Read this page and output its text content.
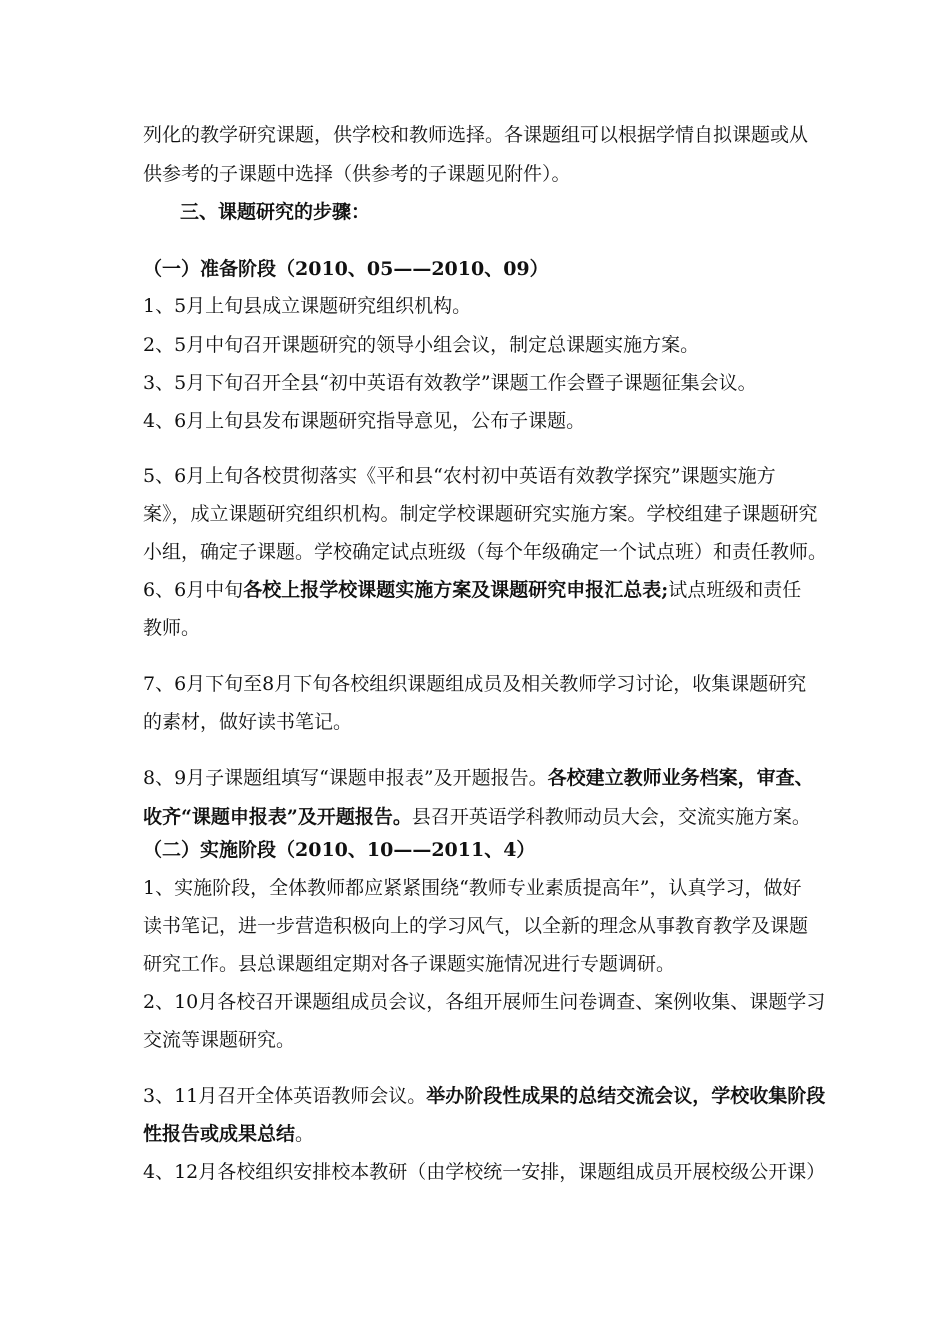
列化的教学研究课题，供学校和教师选择。各课题组可以根据学情自拟课题或从
供参考的子课题中选择（供参考的子课题见附件）。
三、课题研究的步骤：
（一）准备阶段（2010、05——2010、09）
1、5月上旬县成立课题研究组织机构。
2、5月中旬召开课题研究的领导小组会议，制定总课题实施方案。
3、5月下旬召开全县“初中英语有效教学”课题工作会暨子课题征集会议。
4、6月上旬县发布课题研究指导意见，公布子课题。
5、6月上旬各校贯彻落实《平和县“农村初中英语有效教学探究”课题实施方
案》，成立课题研究组织机构。制定学校课题研究实施方案。学校组建子课题研究
小组，确定子课题。学校确定试点班级（每个年级确定一个试点班）和责任教师。
6、6月中旬各校上报学校课题实施方案及课题研究申报汇总表;试点班级和责任
教师。
7、6月下旬至8月下旬各校组织课题组成员及相关教师学习讨论，收集课题研究
的素材，做好读书笔记。
8、9月子课题组填写“课题申报表”及开题报告。各校建立教师业务档案，审查、
收齐“课题申报表”及开题报告。县召开英语学科教师动员大会，交流实施方案。
（二）实施阶段（2010、10——2011、4）
1、实施阶段，全体教师都应紧紧围绕“教师专业素质提高年”，认真学习，做好
读书笔记，进一步营造积极向上的学习风气，以全新的理念从事教育教学及课题
研究工作。县总课题组定期对各子课题实施情况进行专题调研。
2、10月各校召开课题组成员会议，各组开展师生问卷调查、案例收集、课题学习
交流等课题研究。
3、11月召开全体英语教师会议。举办阶段性成果的总结交流会议，学校收集阶段
性报告或成果总结。
4、12月各校组织安排校本教研（由学校统一安排，课题组成员开展校级公开课）
